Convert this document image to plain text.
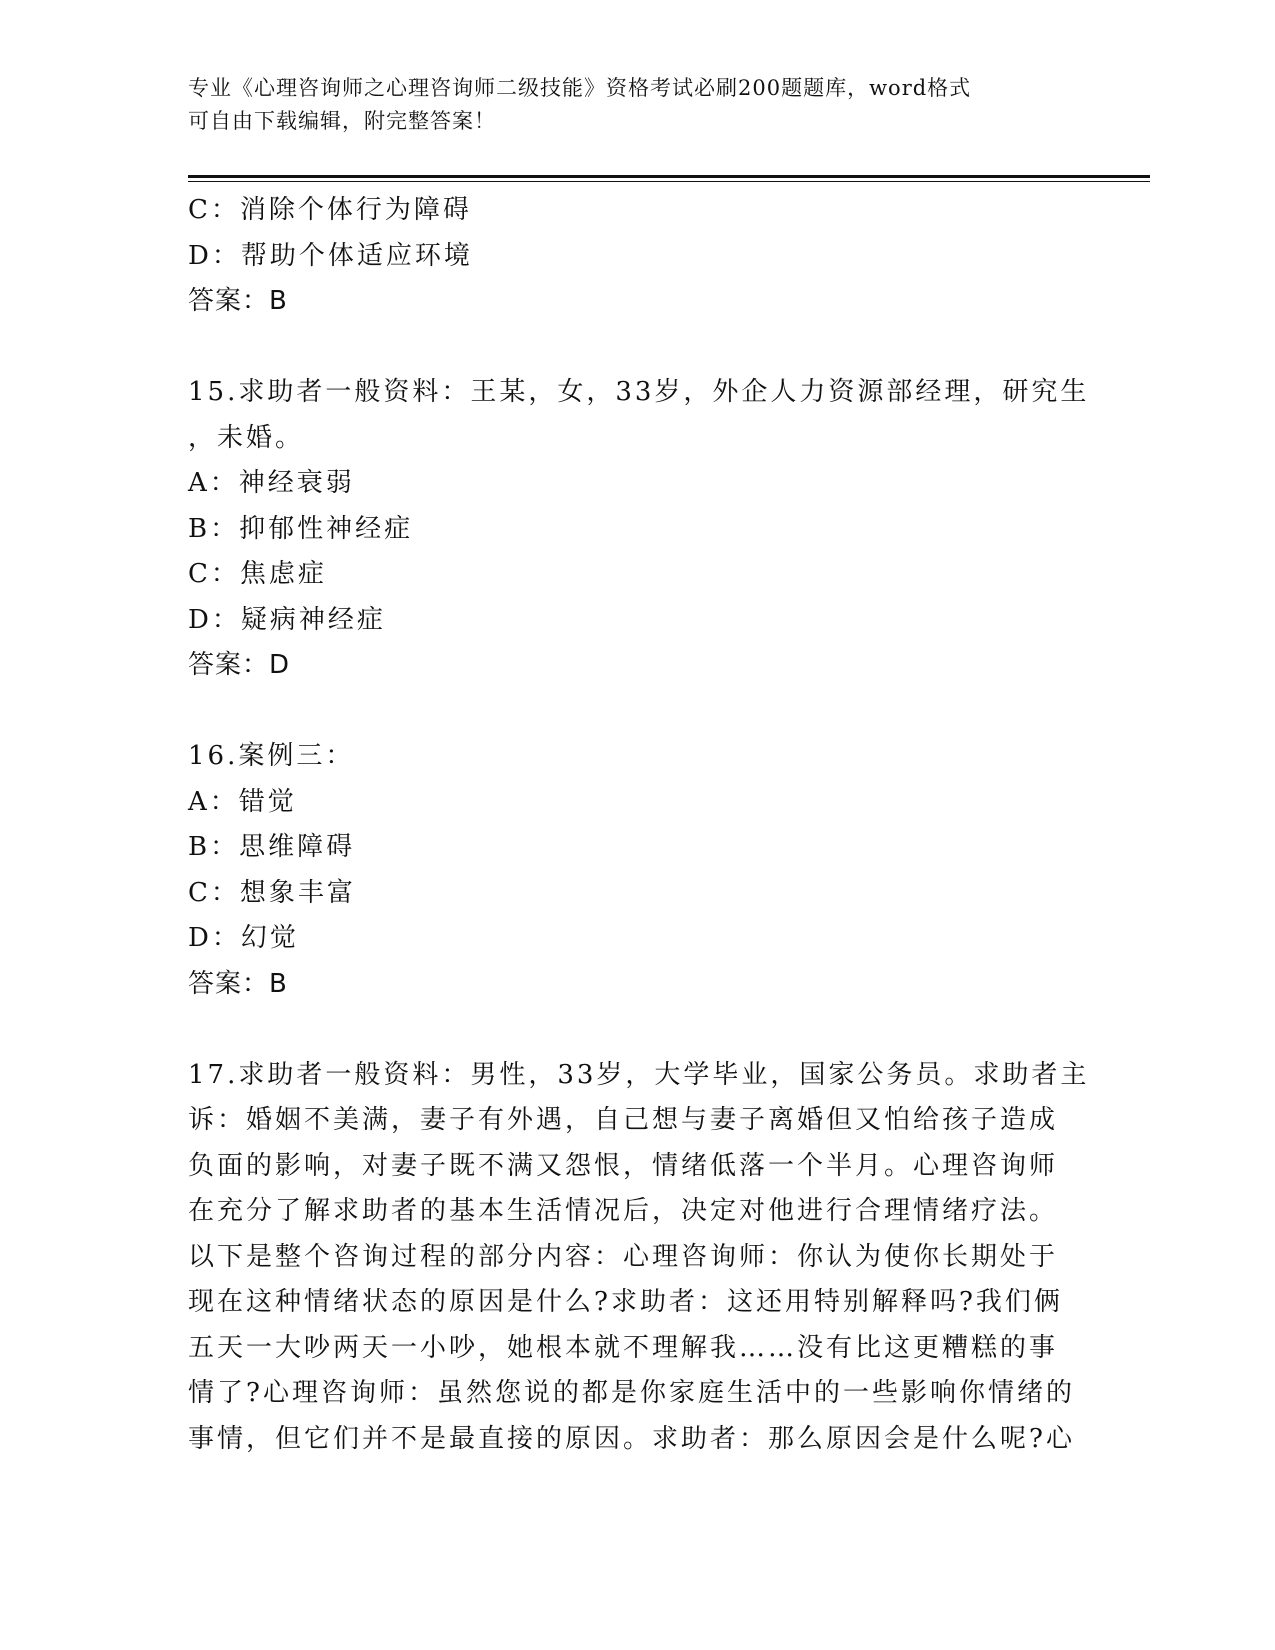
专业《心理咨询师之心理咨询师二级技能》资格考试必刷200题题库，word格式
可自由下载编辑，附完整答案！
C：消除个体行为障碍
D：帮助个体适应环境
答案：B
15.求助者一般资料：王某，女，33岁，外企人力资源部经理，研究生
，未婚。
A：神经衰弱
B：抑郁性神经症
C：焦虑症
D：疑病神经症
答案：D
16.案例三：
A：错觉
B：思维障碍
C：想象丰富
D：幻觉
答案：B
17.求助者一般资料：男性，33岁，大学毕业，国家公务员。求助者主
诉：婚姻不美满，妻子有外遇，自己想与妻子离婚但又怕给孩子造成
负面的影响，对妻子既不满又怨恨，情绪低落一个半月。心理咨询师
在充分了解求助者的基本生活情况后，决定对他进行合理情绪疗法。
以下是整个咨询过程的部分内容：心理咨询师：你认为使你长期处于
现在这种情绪状态的原因是什么?求助者：这还用特别解释吗?我们俩
五天一大吵两天一小吵，她根本就不理解我……没有比这更糟糕的事
情了?心理咨询师：虽然您说的都是你家庭生活中的一些影响你情绪的
事情，但它们并不是最直接的原因。求助者：那么原因会是什么呢?心
